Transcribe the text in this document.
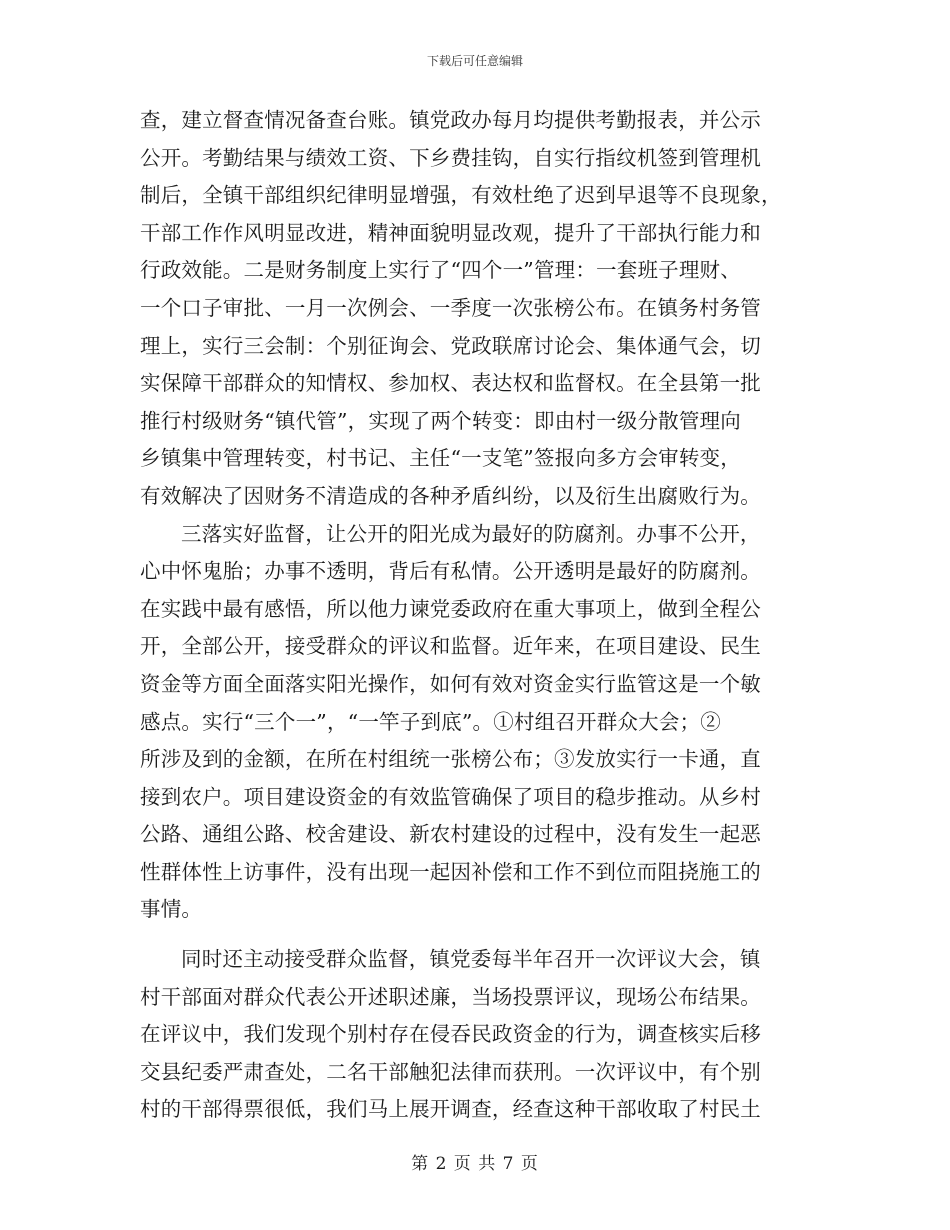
下载后可任意编辑
查，建立督查情况备查台账。镇党政办每月均提供考勤报表，并公示
公开。考勤结果与绩效工资、下乡费挂钩，自实行指纹机签到管理机
制后，全镇干部组织纪律明显增强，有效杜绝了迟到早退等不良现象，
干部工作作风明显改进，精神面貌明显改观，提升了干部执行能力和
行政效能。二是财务制度上实行了“四个一”管理：一套班子理财、
一个口子审批、一月一次例会、一季度一次张榜公布。在镇务村务管
理上，实行三会制：个别征询会、党政联席讨论会、集体通气会，切
实保障干部群众的知情权、参加权、表达权和监督权。在全县第一批
推行村级财务“镇代管”，实现了两个转变：即由村一级分散管理向
乡镇集中管理转变，村书记、主任“一支笔”签报向多方会审转变，
有效解决了因财务不清造成的各种矛盾纠纷，以及衍生出腐败行为。
三落实好监督，让公开的阳光成为最好的防腐剂。办事不公开，
心中怀鬼胎；办事不透明，背后有私情。公开透明是最好的防腐剂。
在实践中最有感悟，所以他力谏党委政府在重大事项上，做到全程公
开，全部公开，接受群众的评议和监督。近年来，在项目建设、民生
资金等方面全面落实阳光操作，如何有效对资金实行监管这是一个敏
感点。实行“三个一”，“一竿子到底”。①村组召开群众大会；②
所涉及到的金额，在所在村组统一张榜公布；③发放实行一卡通，直
接到农户。项目建设资金的有效监管确保了项目的稳步推动。从乡村
公路、通组公路、校舍建设、新农村建设的过程中，没有发生一起恶
性群体性上访事件，没有出现一起因补偿和工作不到位而阻挠施工的
事情。
同时还主动接受群众监督，镇党委每半年召开一次评议大会，镇
村干部面对群众代表公开述职述廉，当场投票评议，现场公布结果。
在评议中，我们发现个别村存在侵吞民政资金的行为，调查核实后移
交县纪委严肃查处，二名干部触犯法律而获刑。一次评议中，有个别
村的干部得票很低，我们马上展开调查，经查这种干部收取了村民土
第 2 页 共 7 页
